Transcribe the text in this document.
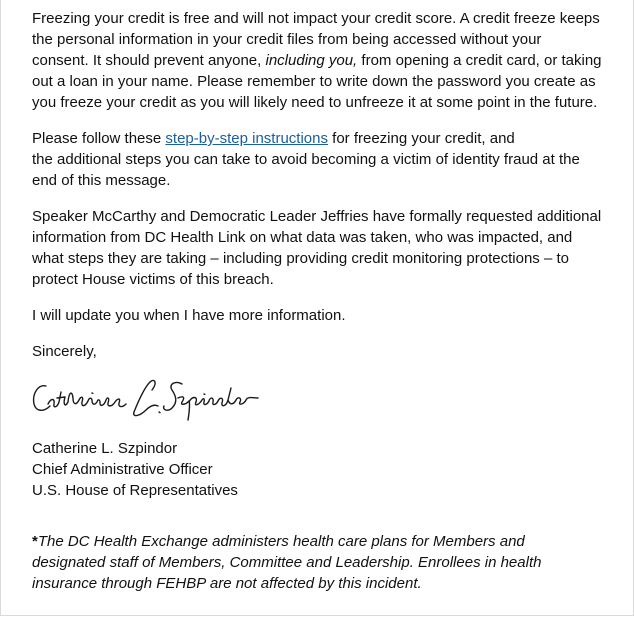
Freezing your credit is free and will not impact your credit score. A credit freeze keeps
the personal information in your credit files from being accessed without your
consent. It should prevent anyone, including you, from opening a credit card, or taking
out a loan in your name. Please remember to write down the password you create as
you freeze your credit as you will likely need to unfreeze it at some point in the future.

Please follow these step-by-step instructions for freezing your credit, and
the additional steps you can take to avoid becoming a victim of identity fraud at the
end of this message.

Speaker McCarthy and Democratic Leader Jeffries have formally requested additional
information from DC Health Link on what data was taken, who was impacted, and
what steps they are taking – including providing credit monitoring protections – to
protect House victims of this breach.

I will update you when I have more information.

Sincerely,

Catherine L. Szpindor
Chief Administrative Officer
U.S. House of Representatives

*The DC Health Exchange administers health care plans for Members and
designated staff of Members, Committee and Leadership. Enrollees in health
insurance through FEHBP are not affected by this incident.
